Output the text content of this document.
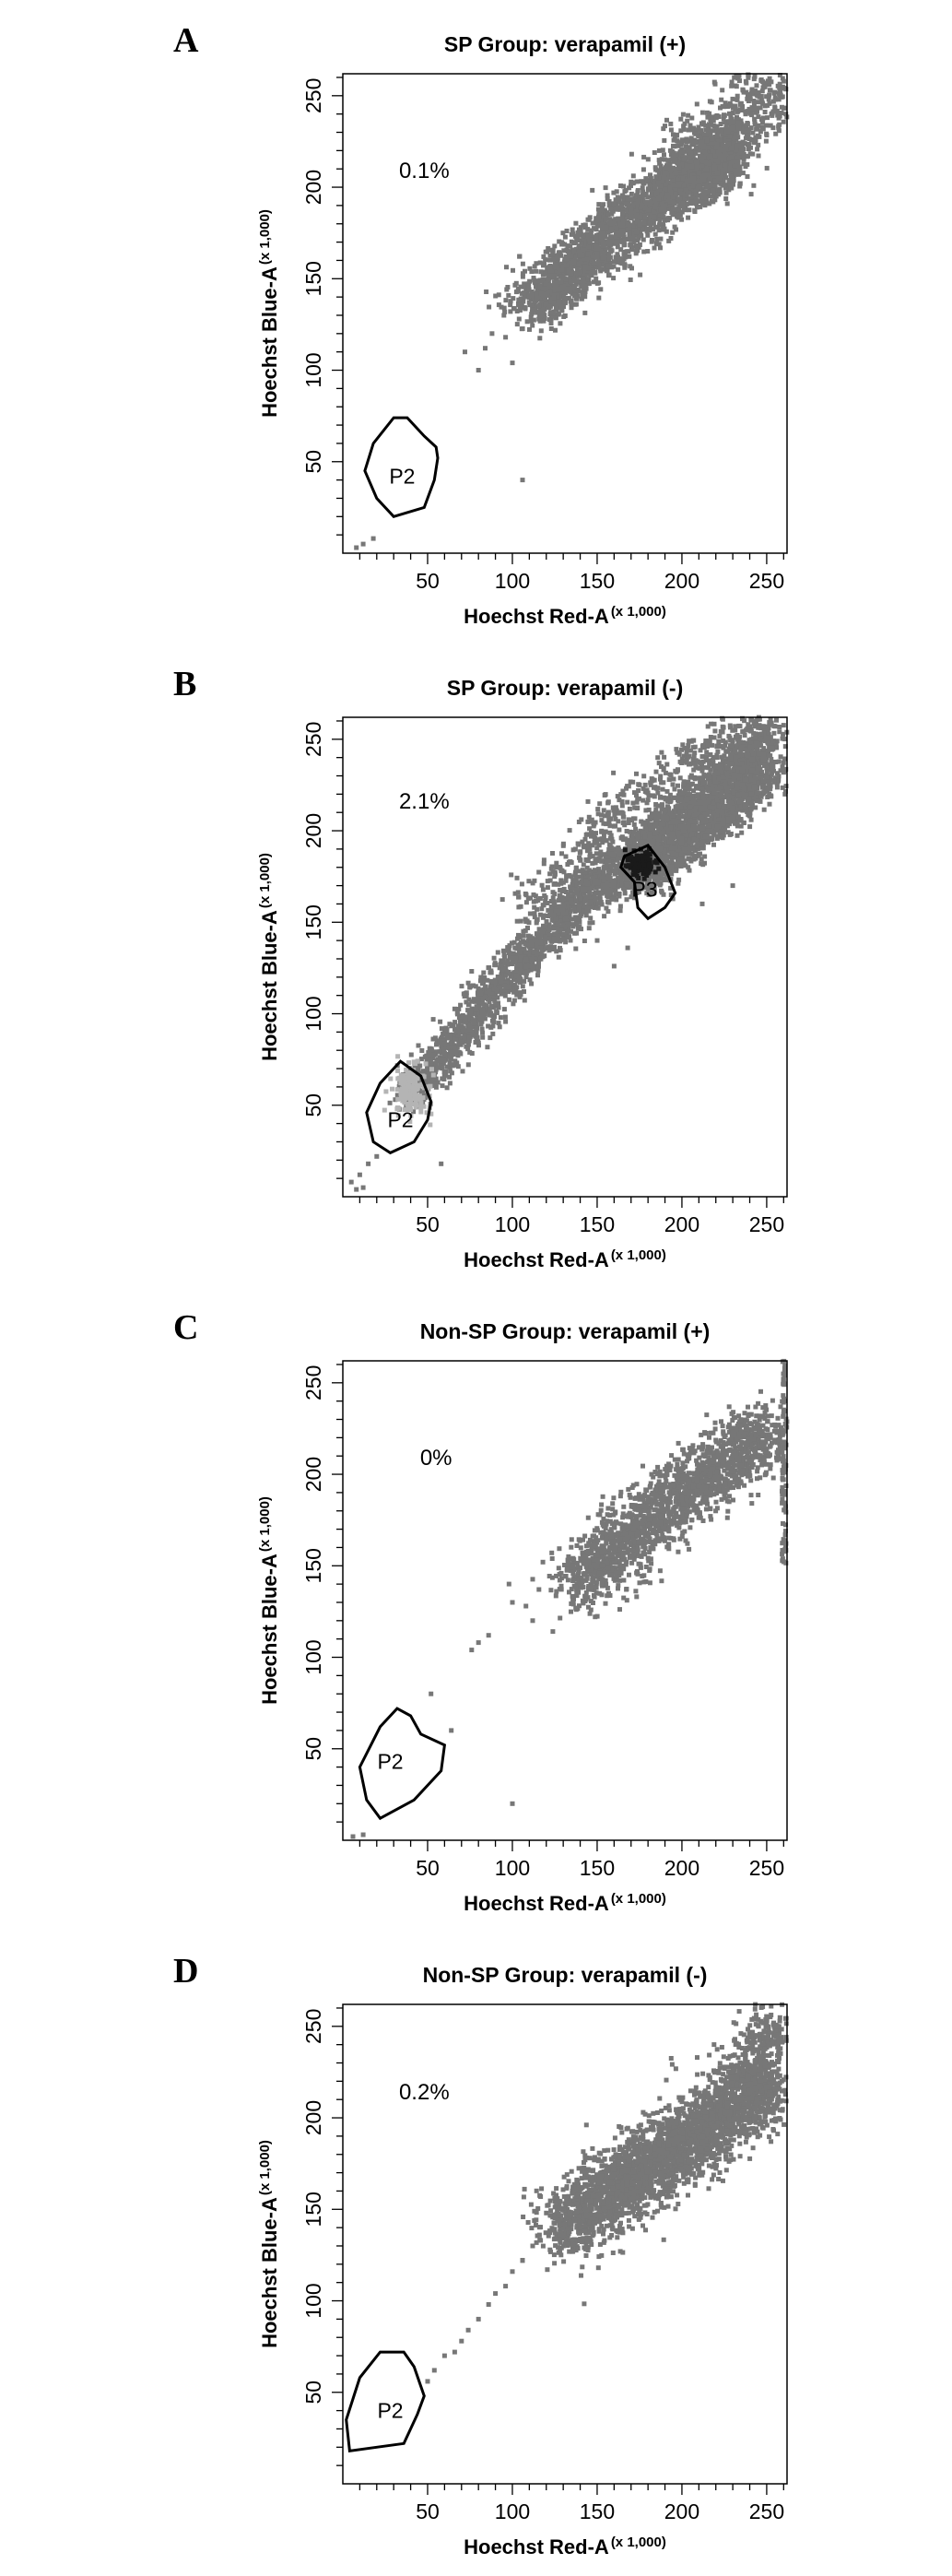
A	SP Group: verapamil (+)
P2
0.1%
50	100 150 200 250
50
100
150
200
250
Hoechst Red-A $^{(x 1,000)}$
Hoechst Blue-$A^{(x 1,000)}$
B	SP Group: verapamil (-)
P2
P3
2.1%
50	100 150 200 250
50
100
150
200
250
Hoechst Red-A $^{(x 1,000)}$
Hoechst Blue-$A^{(x 1,000)}$
C	Non-SP Group: verapamil (+)
P2
0%
50	100 150 200 250
50
100
150
200
250
Hoechst Red-A $^{(x 1,000)}$
Hoechst Blue-$A^{(x 1,000)}$
D	Non-SP Group: verapamil (-)
P2
0.2%
50	100 150 200 250
50
100
150
200
250
Hoechst Red-A $^{(x 1,000)}$
Hoechst Blue-$A^{(x 1,000)}$
